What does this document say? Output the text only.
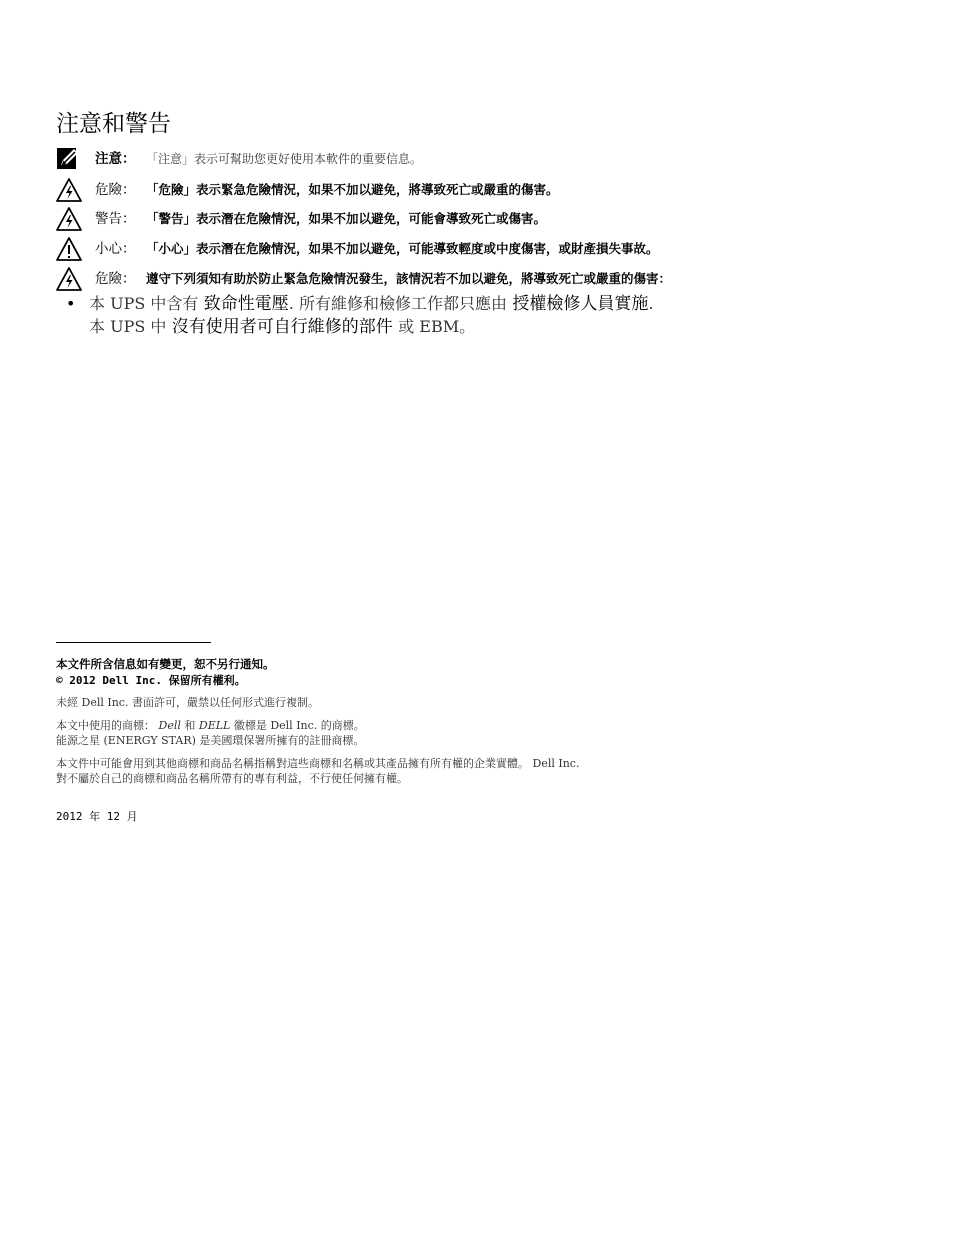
注意和警告
注意： 「注意」表示可幫助您更好使用本軟件的重要信息。
危險： 「危險」表示緊急危險情況，如果不加以避免，將導致死亡或嚴重的傷害。
警告： 「警告」表示潛在危險情況，如果不加以避免，可能會導致死亡或傷害。
小心： 「小心」表示潛在危險情況，如果不加以避免，可能導致輕度或中度傷害，或財產損失事故。
危險： 遵守下列須知有助於防止緊急危險情況發生，該情況若不加以避免，將導致死亡或嚴重的傷害：
• 本 UPS 中含有 致命性電壓. 所有維修和檢修工作都只應由 授權檢修人員實施.
本 UPS 中 沒有使用者可自行維修的部件 或 EBM。
本文件所含信息如有變更，恕不另行通知。
© 2012 Dell Inc. 保留所有權利。
未經 Dell Inc. 書面許可，嚴禁以任何形式進行複制。
本文中使用的商標： Dell 和 DELL 徽標是 Dell Inc. 的商標。
能源之星 (ENERGY STAR) 是美國環保署所擁有的註冊商標。
本文件中可能會用到其他商標和商品名稱指稱對這些商標和名稱或其產品擁有所有權的企業實體。 Dell Inc.
對不屬於自己的商標和商品名稱所帶有的專有利益，不行使任何擁有權。
2012 年 12 月
